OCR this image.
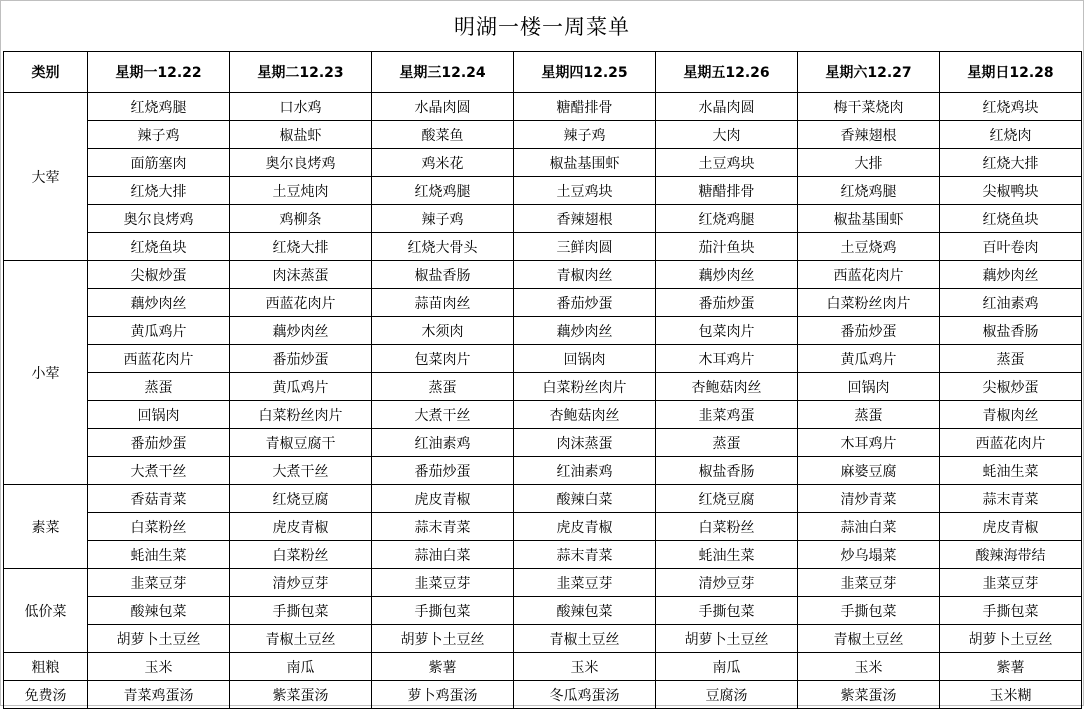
明湖一楼一周菜单
类别	星期一12.22	星期二12.23	星期三12.24	星期四12.25	星期五12.26	星期六12.27	星期日12.28
大荤	红烧鸡腿	口水鸡	水晶肉圆	糖醋排骨	水晶肉圆	梅干菜烧肉	红烧鸡块
	辣子鸡	椒盐虾	酸菜鱼	辣子鸡	大肉	香辣翅根	红烧肉
	面筋塞肉	奥尔良烤鸡	鸡米花	椒盐基围虾	土豆鸡块	大排	红烧大排
	红烧大排	土豆炖肉	红烧鸡腿	土豆鸡块	糖醋排骨	红烧鸡腿	尖椒鸭块
	奥尔良烤鸡	鸡柳条	辣子鸡	香辣翅根	红烧鸡腿	椒盐基围虾	红烧鱼块
	红烧鱼块	红烧大排	红烧大骨头	三鲜肉圆	茄汁鱼块	土豆烧鸡	百叶卷肉
小荤	尖椒炒蛋	肉沫蒸蛋	椒盐香肠	青椒肉丝	藕炒肉丝	西蓝花肉片	藕炒肉丝
	藕炒肉丝	西蓝花肉片	蒜苗肉丝	番茄炒蛋	番茄炒蛋	白菜粉丝肉片	红油素鸡
	黄瓜鸡片	藕炒肉丝	木须肉	藕炒肉丝	包菜肉片	番茄炒蛋	椒盐香肠
	西蓝花肉片	番茄炒蛋	包菜肉片	回锅肉	木耳鸡片	黄瓜鸡片	蒸蛋
	蒸蛋	黄瓜鸡片	蒸蛋	白菜粉丝肉片	杏鲍菇肉丝	回锅肉	尖椒炒蛋
	回锅肉	白菜粉丝肉片	大煮干丝	杏鲍菇肉丝	韭菜鸡蛋	蒸蛋	青椒肉丝
	番茄炒蛋	青椒豆腐干	红油素鸡	肉沫蒸蛋	蒸蛋	木耳鸡片	西蓝花肉片
	大煮干丝	大煮干丝	番茄炒蛋	红油素鸡	椒盐香肠	麻婆豆腐	蚝油生菜
素菜	香菇青菜	红烧豆腐	虎皮青椒	酸辣白菜	红烧豆腐	清炒青菜	蒜末青菜
	白菜粉丝	虎皮青椒	蒜末青菜	虎皮青椒	白菜粉丝	蒜油白菜	虎皮青椒
	蚝油生菜	白菜粉丝	蒜油白菜	蒜末青菜	蚝油生菜	炒乌塌菜	酸辣海带结
低价菜	韭菜豆芽	清炒豆芽	韭菜豆芽	韭菜豆芽	清炒豆芽	韭菜豆芽	韭菜豆芽
	酸辣包菜	手撕包菜	手撕包菜	酸辣包菜	手撕包菜	手撕包菜	手撕包菜
	胡萝卜土豆丝	青椒土豆丝	胡萝卜土豆丝	青椒土豆丝	胡萝卜土豆丝	青椒土豆丝	胡萝卜土豆丝
粗粮	玉米	南瓜	紫薯	玉米	南瓜	玉米	紫薯
免费汤	青菜鸡蛋汤	紫菜蛋汤	萝卜鸡蛋汤	冬瓜鸡蛋汤	豆腐汤	紫菜蛋汤	玉米糊
